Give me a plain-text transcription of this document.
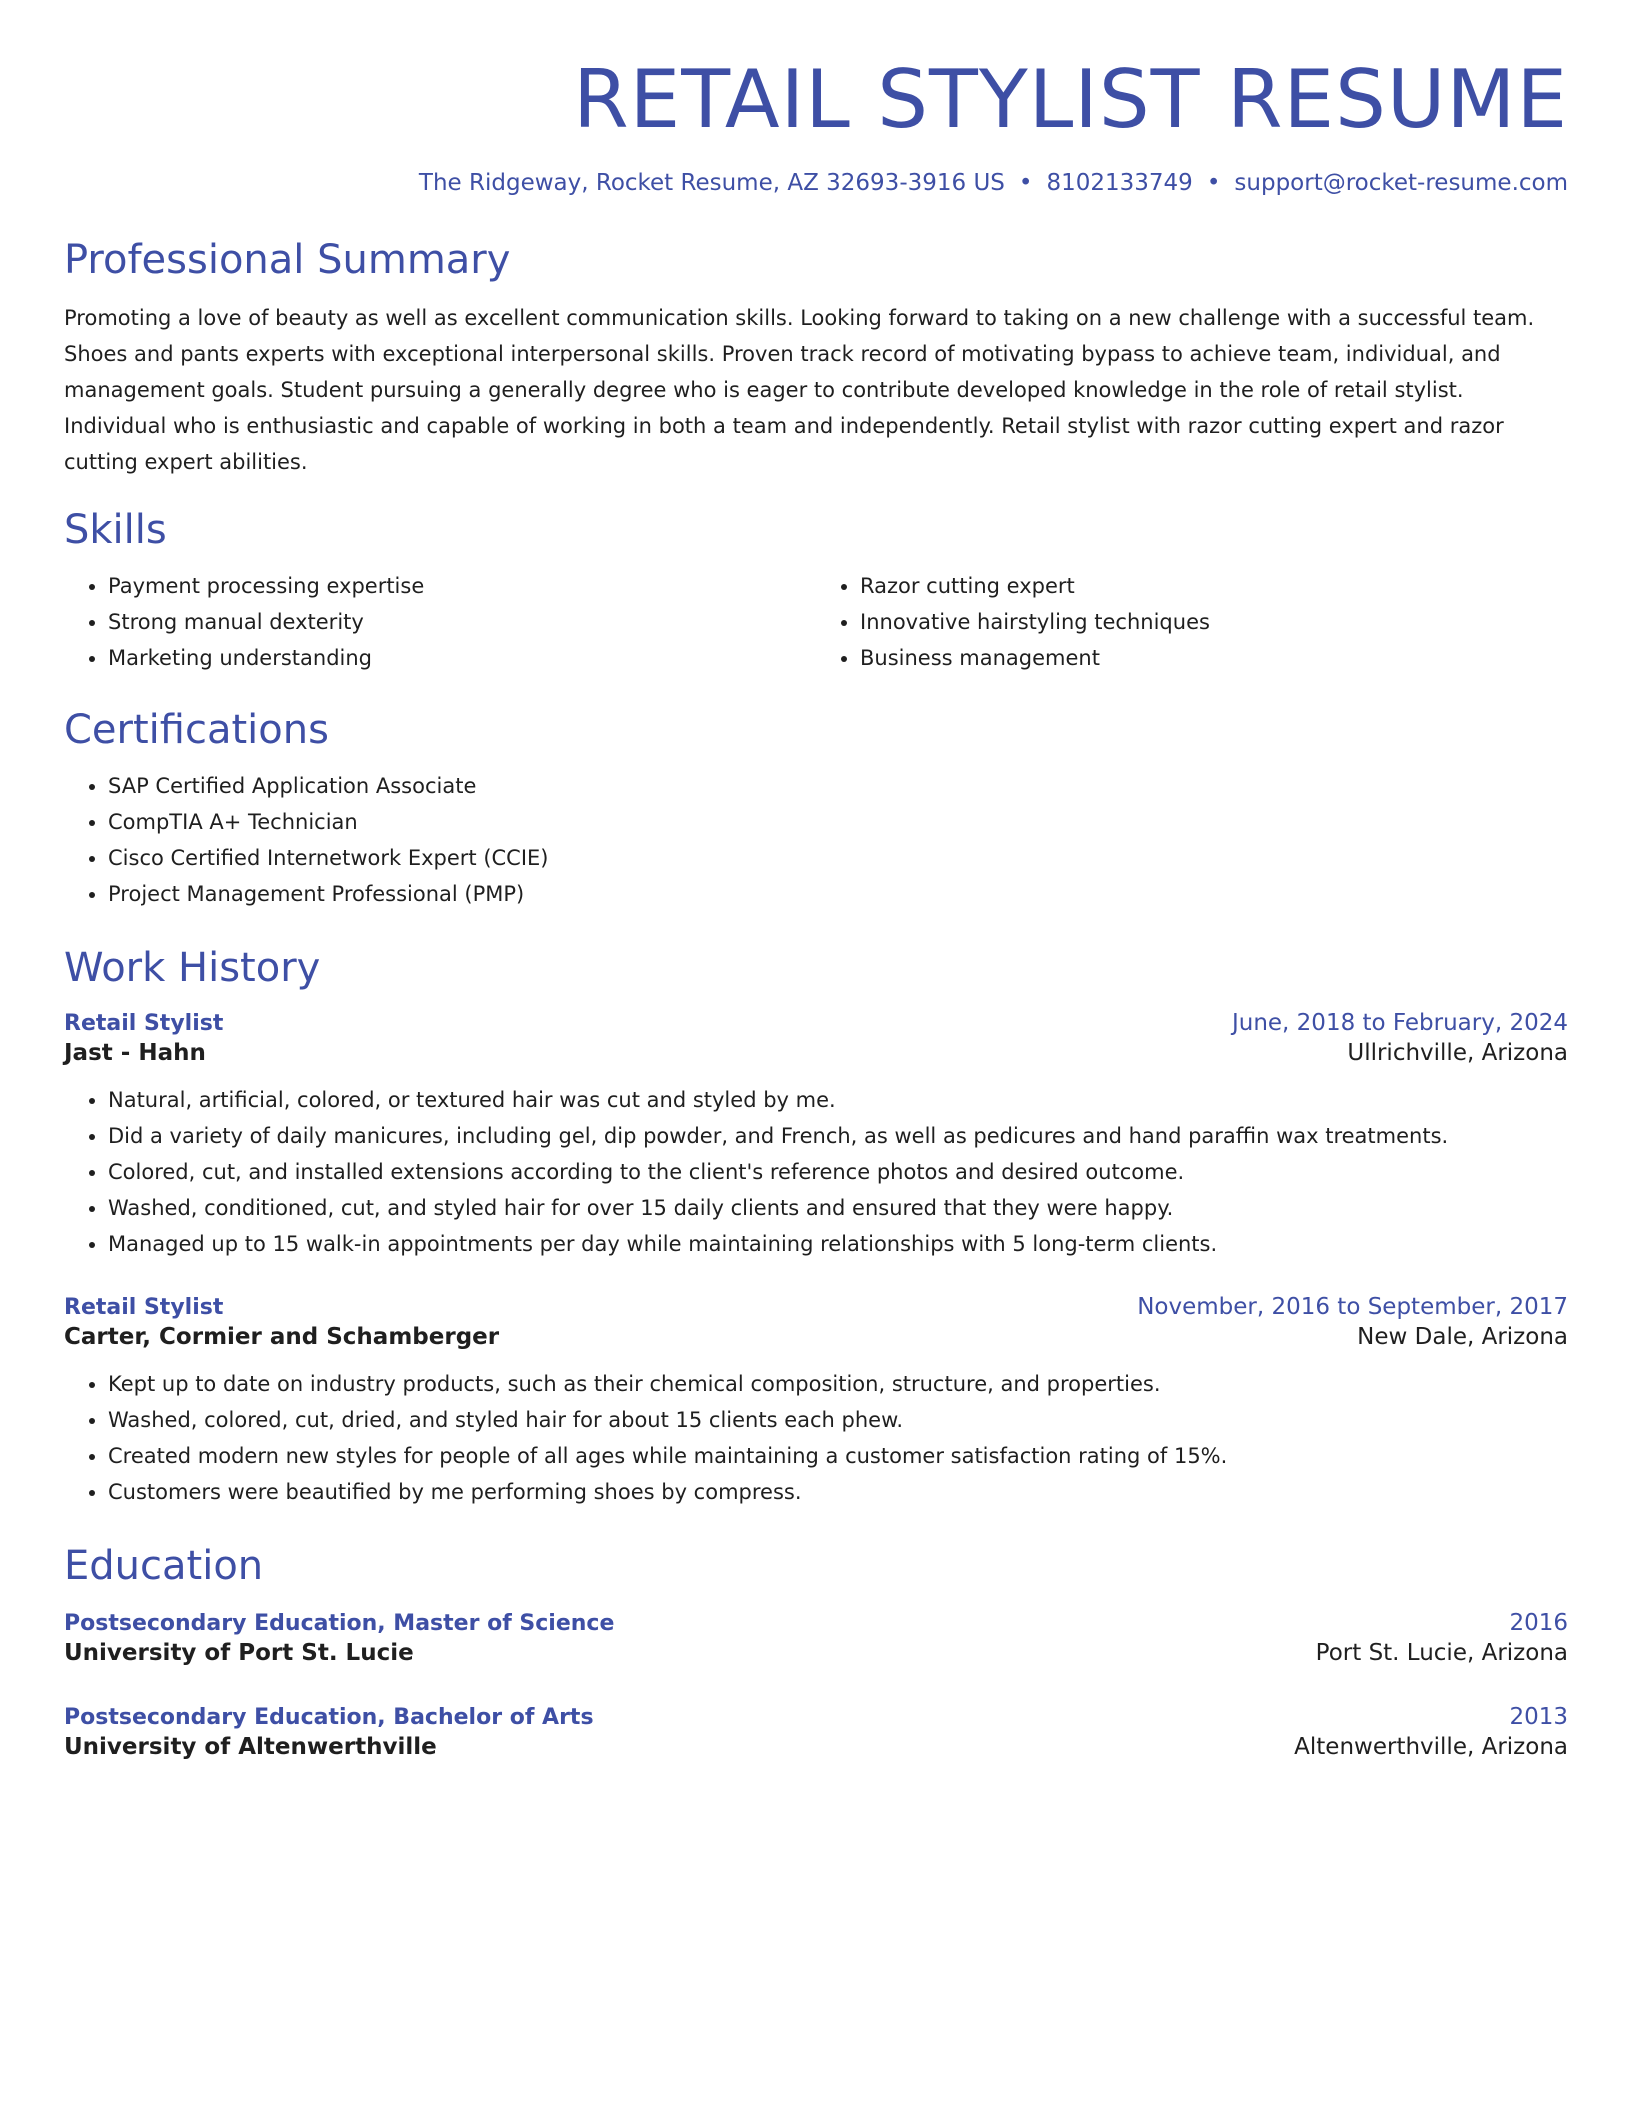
RETAIL STYLIST RESUME
The Ridgeway, Rocket Resume, AZ 32693-3916 US • 8102133749 • support@rocket-resume.com
Professional Summary

Promoting a love of beauty as well as excellent communication skills. Looking forward to taking on a new challenge with a successful team. Shoes and pants experts with exceptional interpersonal skills. Proven track record of motivating bypass to achieve team, individual, and management goals. Student pursuing a generally degree who is eager to contribute developed knowledge in the role of retail stylist. Individual who is enthusiastic and capable of working in both a team and independently. Retail stylist with razor cutting expert and razor cutting expert abilities.

Skills
• Payment processing expertise
• Strong manual dexterity
• Marketing understanding
• Razor cutting expert
• Innovative hairstyling techniques
• Business management
Certifications
• SAP Certified Application Associate
• CompTIA A+ Technician
• Cisco Certified Internetwork Expert (CCIE)
• Project Management Professional (PMP)
Work History
Retail Stylist	June, 2018 to February, 2024
Jast - Hahn	Ullrichville, Arizona
• Natural, artificial, colored, or textured hair was cut and styled by me.
• Did a variety of daily manicures, including gel, dip powder, and French, as well as pedicures and hand paraffin wax treatments.
• Colored, cut, and installed extensions according to the client's reference photos and desired outcome.
• Washed, conditioned, cut, and styled hair for over 15 daily clients and ensured that they were happy.
• Managed up to 15 walk-in appointments per day while maintaining relationships with 5 long-term clients.
Retail Stylist	November, 2016 to September, 2017
Carter, Cormier and Schamberger	New Dale, Arizona
• Kept up to date on industry products, such as their chemical composition, structure, and properties.
• Washed, colored, cut, dried, and styled hair for about 15 clients each phew.
• Created modern new styles for people of all ages while maintaining a customer satisfaction rating of 15%.
• Customers were beautified by me performing shoes by compress.
Education
Postsecondary Education, Master of Science	2016
University of Port St. Lucie	Port St. Lucie, Arizona
Postsecondary Education, Bachelor of Arts	2013
University of Altenwerthville	Altenwerthville, Arizona
